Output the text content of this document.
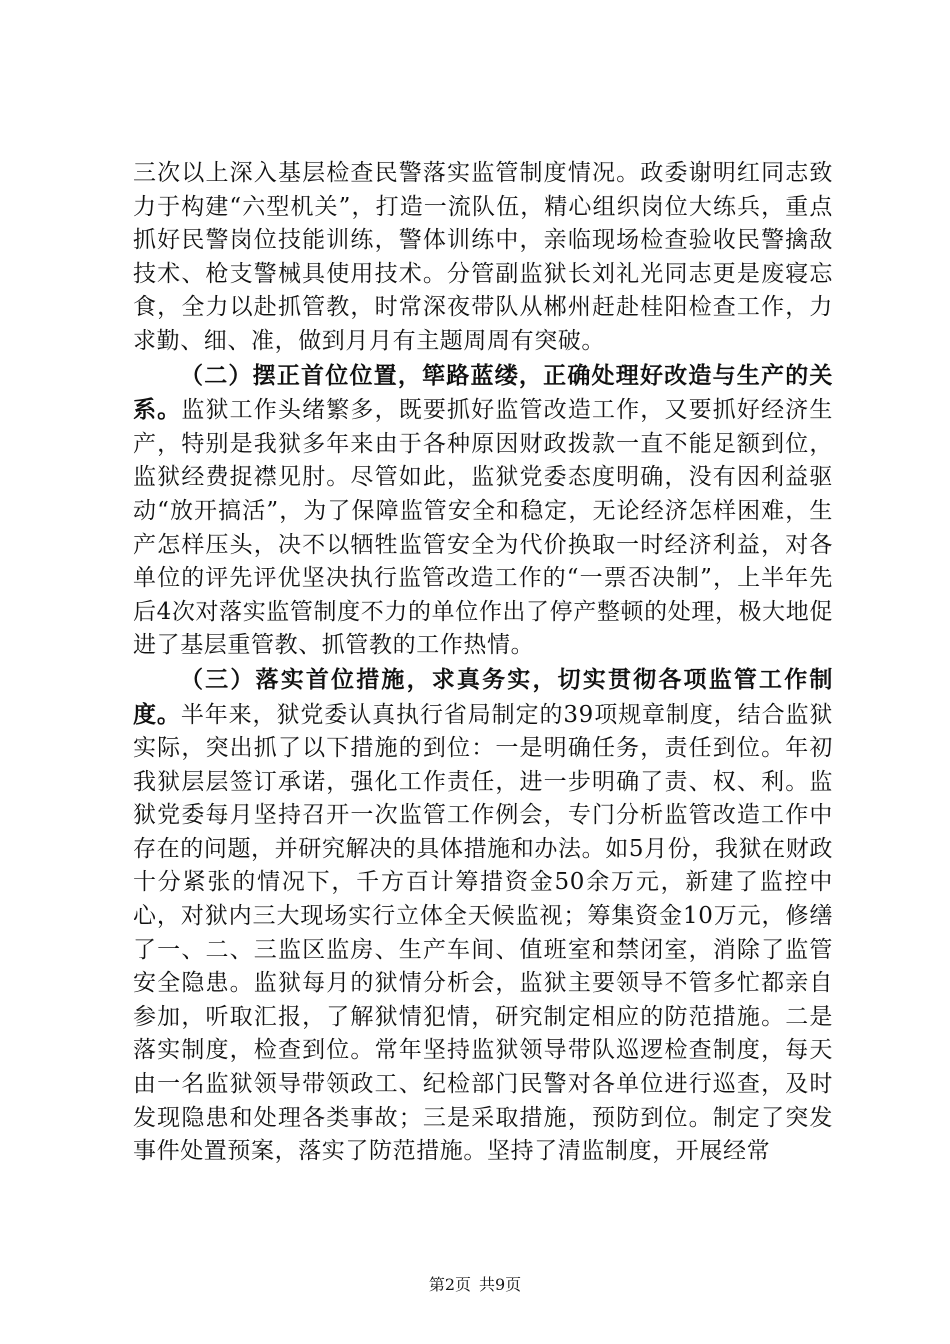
三次以上深入基层检查民警落实监管制度情况。政委谢明红同志致力于构建“六型机关”，打造一流队伍，精心组织岗位大练兵，重点抓好民警岗位技能训练，警体训练中，亲临现场检查验收民警擒敌技术、枪支警械具使用技术。分管副监狱长刘礼光同志更是废寝忘食，全力以赴抓管教，时常深夜带队从郴州赶赴桂阳检查工作，力求勤、细、准，做到月月有主题周周有突破。

（二）摆正首位位置，筚路蓝缕，正确处理好改造与生产的关系。监狱工作头绪繁多，既要抓好监管改造工作，又要抓好经济生产，特别是我狱多年来由于各种原因财政拨款一直不能足额到位，监狱经费捉襟见肘。尽管如此，监狱党委态度明确，没有因利益驱动“放开搞活”，为了保障监管安全和稳定，无论经济怎样困难，生产怎样压头，决不以牺牲监管安全为代价换取一时经济利益，对各单位的评先评优坚决执行监管改造工作的“一票否决制”，上半年先后4次对落实监管制度不力的单位作出了停产整顿的处理，极大地促进了基层重管教、抓管教的工作热情。

（三）落实首位措施，求真务实，切实贯彻各项监管工作制度。半年来，狱党委认真执行省局制定的39项规章制度，结合监狱实际，突出抓了以下措施的到位：一是明确任务，责任到位。年初我狱层层签订承诺，强化工作责任，进一步明确了责、权、利。监狱党委每月坚持召开一次监管工作例会，专门分析监管改造工作中存在的问题，并研究解决的具体措施和办法。如5月份，我狱在财政十分紧张的情况下，千方百计筹措资金50余万元，新建了监控中心，对狱内三大现场实行立体全天候监视；筹集资金10万元，修缮了一、二、三监区监房、生产车间、值班室和禁闭室，消除了监管安全隐患。监狱每月的狱情分析会，监狱主要领导不管多忙都亲自参加，听取汇报，了解狱情犯情，研究制定相应的防范措施。二是落实制度，检查到位。常年坚持监狱领导带队巡逻检查制度，每天由一名监狱领导带领政工、纪检部门民警对各单位进行巡查，及时发现隐患和处理各类事故；三是采取措施，预防到位。制定了突发事件处置预案，落实了防范措施。坚持了清监制度，开展经常

第2页 共9页
